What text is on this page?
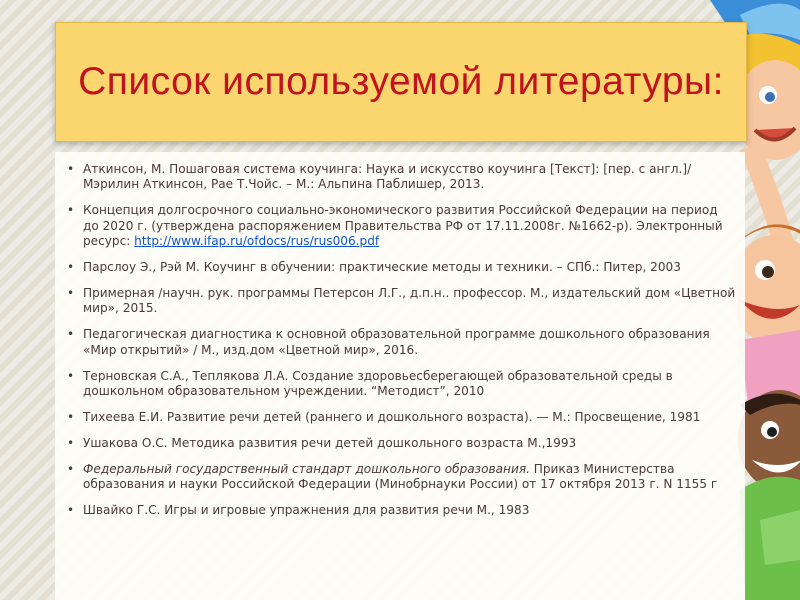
Список используемой литературы:
• Аткинсон, М. Пошаговая система коучинга: Наука и искусство коучинга [Текст]: [пер. с англ.]/ Мэрилин Аткинсон, Рае Т.Чойс. – М.: Альпина Паблишер, 2013.
• Концепция долгосрочного социально-экономического развития Российской Федерации на период до 2020 г. (утверждена распоряжением Правительства РФ от 17.11.2008г. №1662-р). Электронный ресурс: http://www.ifap.ru/ofdocs/rus/rus006.pdf
• Парслоу Э., Рэй М. Коучинг в обучении: практические методы и техники. – СПб.: Питер, 2003
• Примерная /научн. рук. программы Петерсон Л.Г., д.п.н.. профессор. М., издательский дом «Цветной мир», 2015.
• Педагогическая диагностика к основной образовательной программе дошкольного образования «Мир открытий» / М., изд.дом «Цветной мир», 2016.
• Терновская С.А., Теплякова Л.А. Создание здоровьесберегающей образовательной среды в дошкольном образовательном учреждении. “Методист”, 2010
• Тихеева Е.И. Развитие речи детей (раннего и дошкольного возраста). — М.: Просвещение, 1981
• Ушакова О.С. Методика развития речи детей дошкольного возраста М.,1993
• Федеральный государственный стандарт дошкольного образования. Приказ Министерства образования и науки Российской Федерации (Минобрнауки России) от 17 октября 2013 г. N 1155 г
• Швайко Г.С. Игры и игровые упражнения для развития речи М., 1983
